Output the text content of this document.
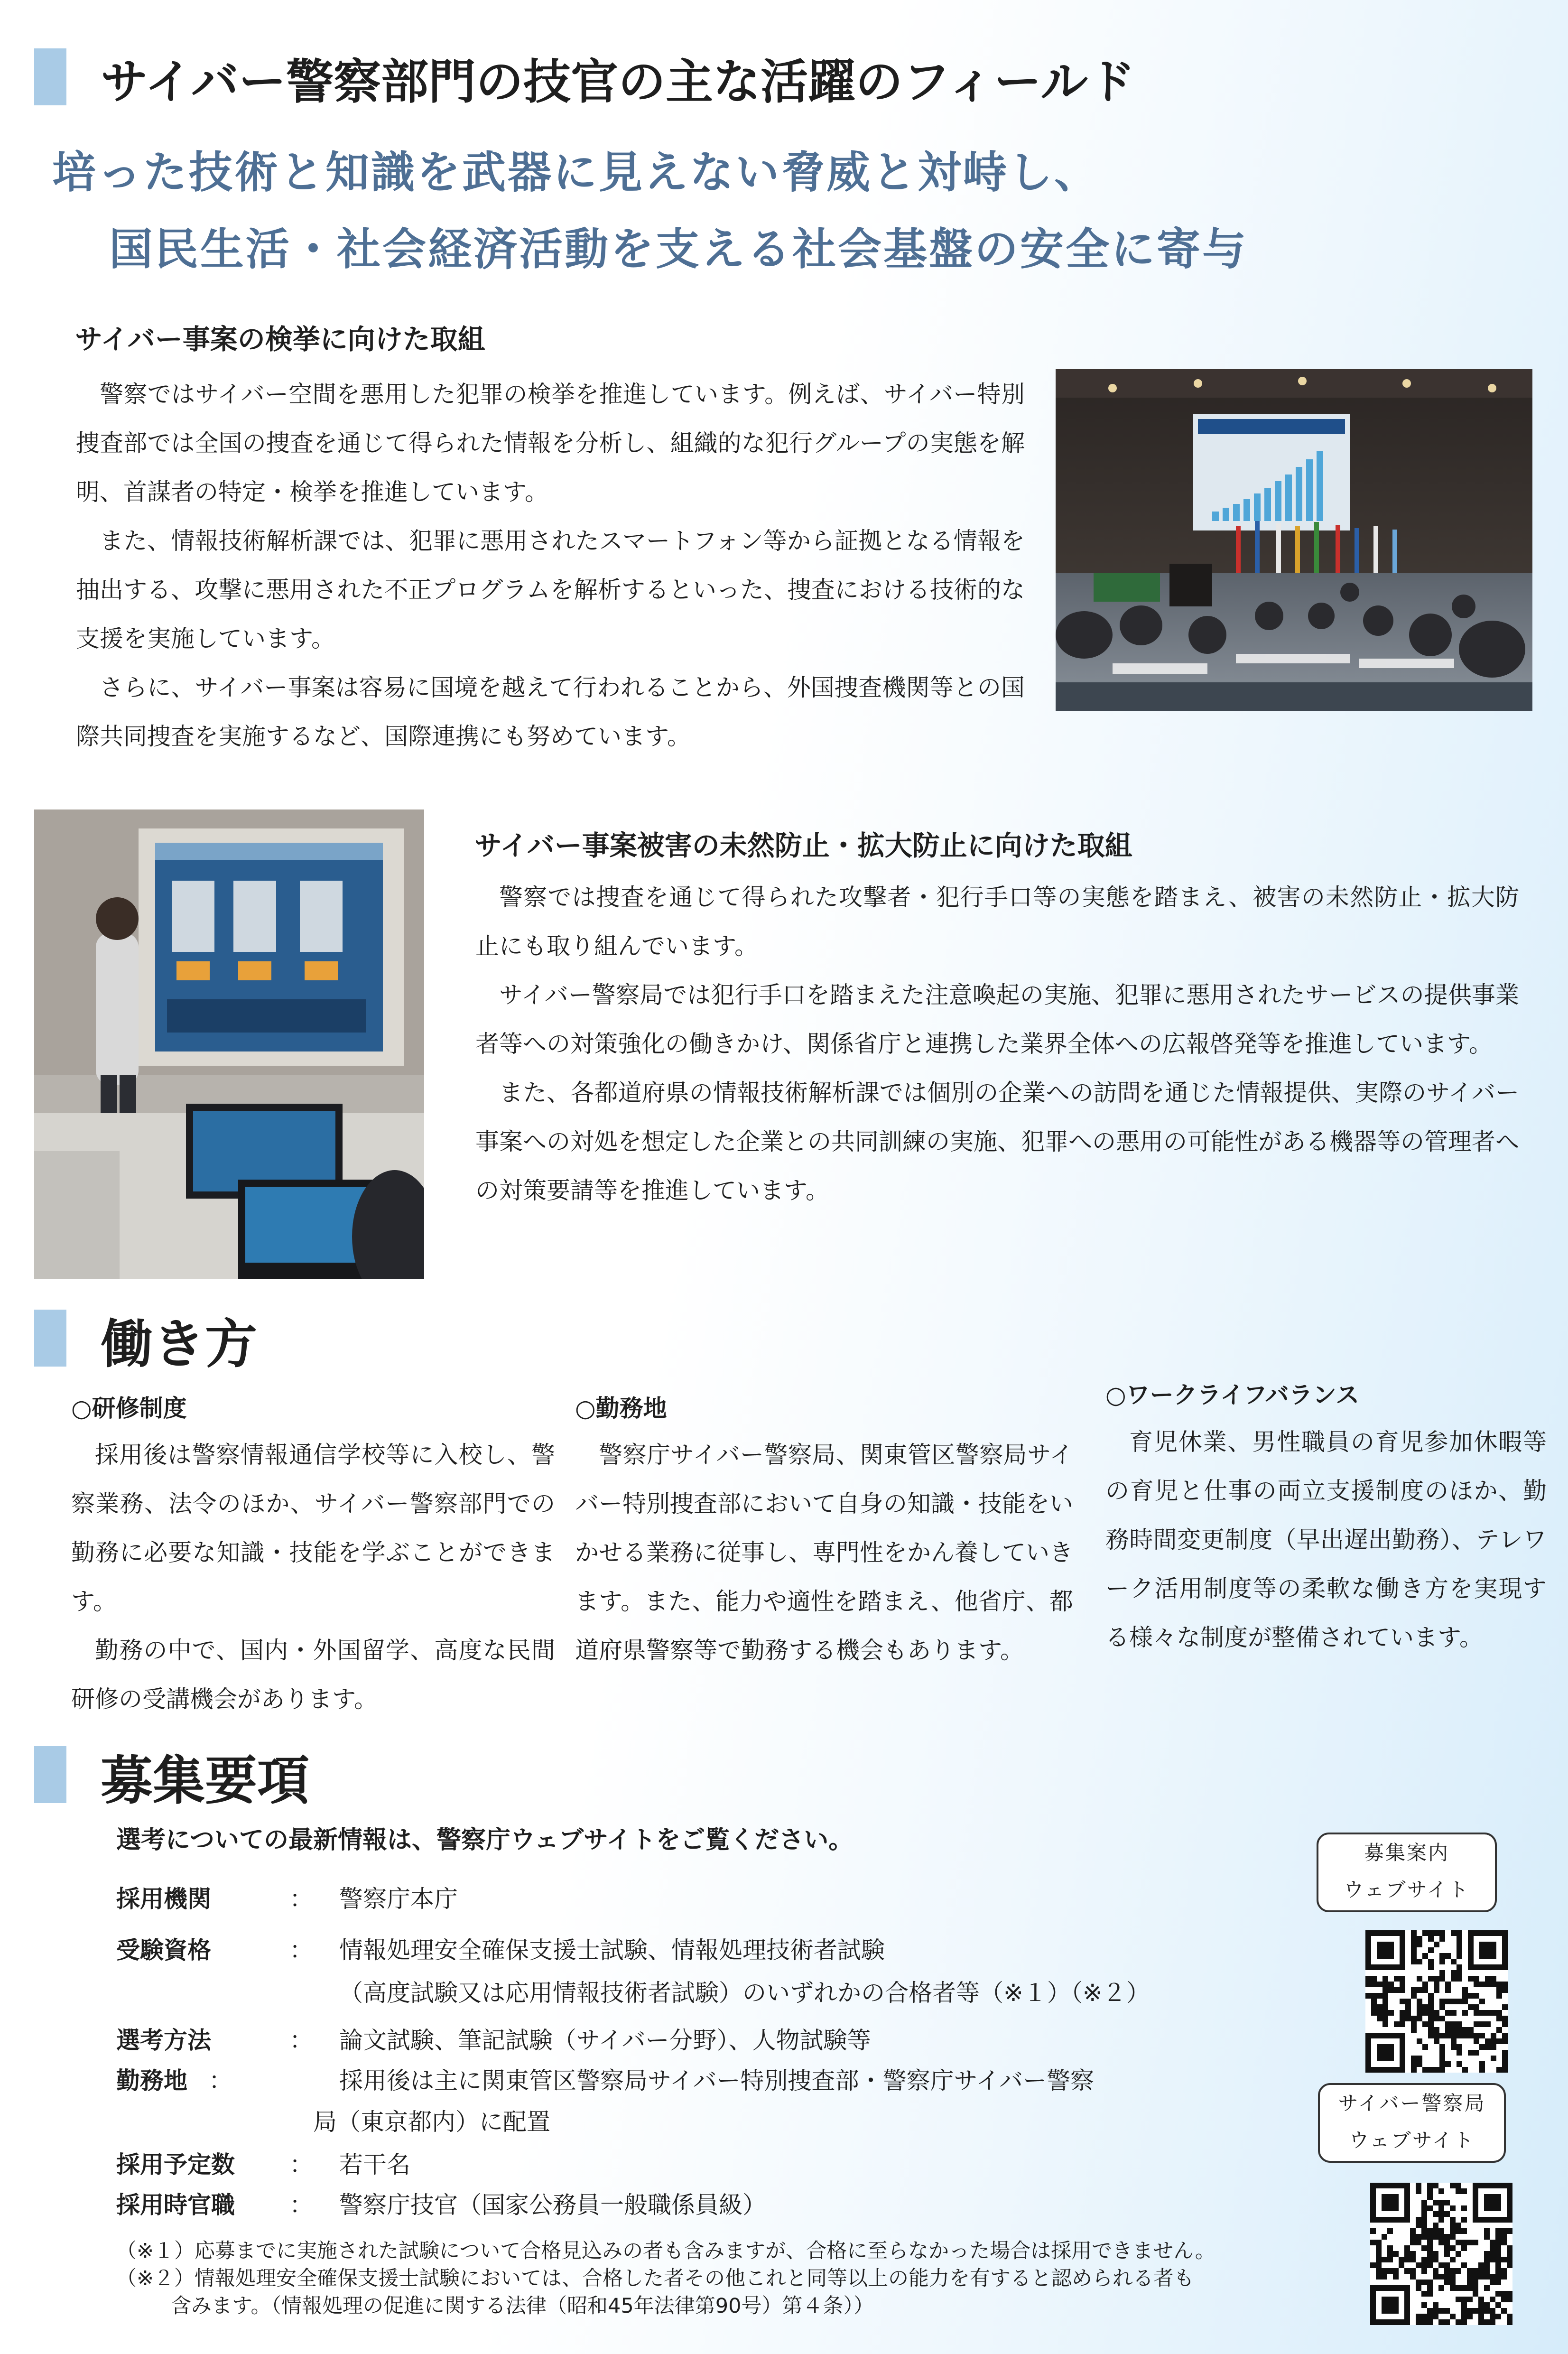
サイバー警察部門の技官の主な活躍のフィールド
培った技術と知識を武器に見えない脅威と対峙し、
国民生活・社会経済活動を支える社会基盤の安全に寄与
サイバー事案の検挙に向けた取組

警察ではサイバー空間を悪用した犯罪の検挙を推進しています。例えば、サイバー特別捜査部では全国の捜査を通じて得られた情報を分析し、組織的な犯行グループの実態を解明、首謀者の特定・検挙を推進しています。

また、情報技術解析課では、犯罪に悪用されたスマートフォン等から証拠となる情報を抽出する、攻撃に悪用された不正プログラムを解析するといった、捜査における技術的な支援を実施しています。

さらに、サイバー事案は容易に国境を越えて行われることから、外国捜査機関等との国際共同捜査を実施するなど、国際連携にも努めています。

サイバー事案被害の未然防止・拡大防止に向けた取組

警察では捜査を通じて得られた攻撃者・犯行手口等の実態を踏まえ、被害の未然防止・拡大防止にも取り組んでいます。

サイバー警察局では犯行手口を踏まえた注意喚起の実施、犯罪に悪用されたサービスの提供事業者等への対策強化の働きかけ、関係省庁と連携した業界全体への広報啓発等を推進しています。

また、各都道府県の情報技術解析課では個別の企業への訪問を通じた情報提供、実際のサイバー事案への対処を想定した企業との共同訓練の実施、犯罪への悪用の可能性がある機器等の管理者への対策要請等を推進しています。

働き方
○研修制度

採用後は警察情報通信学校等に入校し、警察業務、法令のほか、サイバー警察部門での勤務に必要な知識・技能を学ぶことができます。

勤務の中で、国内・外国留学、高度な民間研修の受講機会があります。

○勤務地

警察庁サイバー警察局、関東管区警察局サイバー特別捜査部において自身の知識・技能をいかせる業務に従事し、専門性をかん養していきます。また、能力や適性を踏まえ、他省庁、都道府県警察等で勤務する機会もあります。

○ワークライフバランス

育児休業、男性職員の育児参加休暇等の育児と仕事の両立支援制度のほか、勤務時間変更制度（早出遅出勤務）、テレワーク活用制度等の柔軟な働き方を実現する様々な制度が整備されています。

募集要項
選考についての最新情報は、警察庁ウェブサイトをご覧ください。
採用機関	： 警察庁本庁
受験資格	： 情報処理安全確保支援士試験、情報処理技術者試験
（高度試験又は応用情報技術者試験）のいずれかの合格者等（※１）（※２）
選考方法	： 論文試験、筆記試験（サイバー分野）、人物試験等
勤務地 ：	採用後は主に関東管区警察局サイバー特別捜査部・警察庁サイバー警察
局（東京都内）に配置
採用予定数 ： 若干名
採用時官職 ： 警察庁技官（国家公務員一般職係員級）
（※１）応募までに実施された試験について合格見込みの者も含みますが、合格に至らなかった場合は採用できません。
（※２）情報処理安全確保支援士試験においては、合格した者その他これと同等以上の能力を有すると認められる者も
含みます。（情報処理の促進に関する法律（昭和45年法律第90号）第４条））
募集案内
ウェブサイト
サイバー警察局
ウェブサイト
